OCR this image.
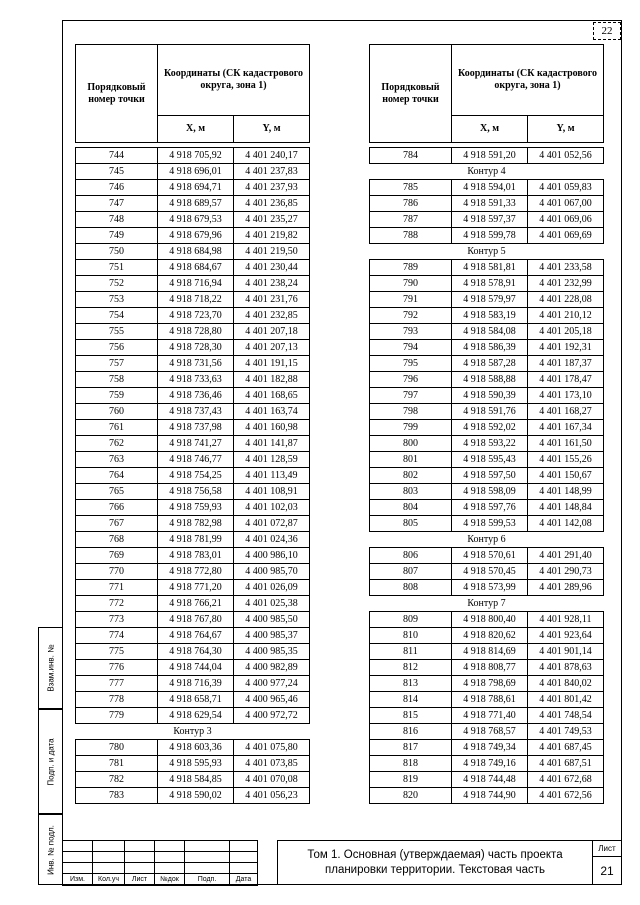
22
Порядковый номер точки	Координаты (СК кадастрового округа, зона 1)	
	X, м	Y, м

744	4 918 705,92	4 401 240,17
745	4 918 696,01	4 401 237,83
746	4 918 694,71	4 401 237,93
747	4 918 689,57	4 401 236,85
748	4 918 679,53	4 401 235,27
749	4 918 679,96	4 401 219,82
750	4 918 684,98	4 401 219,50
751	4 918 684,67	4 401 230,44
752	4 918 716,94	4 401 238,24
753	4 918 718,22	4 401 231,76
754	4 918 723,70	4 401 232,85
755	4 918 728,80	4 401 207,18
756	4 918 728,30	4 401 207,13
757	4 918 731,56	4 401 191,15
758	4 918 733,63	4 401 182,88
759	4 918 736,46	4 401 168,65
760	4 918 737,43	4 401 163,74
761	4 918 737,98	4 401 160,98
762	4 918 741,27	4 401 141,87
763	4 918 746,77	4 401 128,59
764	4 918 754,25	4 401 113,49
765	4 918 756,58	4 401 108,91
766	4 918 759,93	4 401 102,03
767	4 918 782,98	4 401 072,87
768	4 918 781,99	4 401 024,36
769	4 918 783,01	4 400 986,10
770	4 918 772,80	4 400 985,70
771	4 918 771,20	4 401 026,09
772	4 918 766,21	4 401 025,38
773	4 918 767,80	4 400 985,50
774	4 918 764,67	4 400 985,37
775	4 918 764,30	4 400 985,35
776	4 918 744,04	4 400 982,89
777	4 918 716,39	4 400 977,24
778	4 918 658,71	4 400 965,46
779	4 918 629,54	4 400 972,72
Контур 3		
780	4 918 603,36	4 401 075,80
781	4 918 595,93	4 401 073,85
782	4 918 584,85	4 401 070,08
783	4 918 590,02	4 401 056,23
Порядковый номер точки	Координаты (СК кадастрового округа, зона 1)	
	X, м	Y, м

784	4 918 591,20	4 401 052,56
Контур 4		
785	4 918 594,01	4 401 059,83
786	4 918 591,33	4 401 067,00
787	4 918 597,37	4 401 069,06
788	4 918 599,78	4 401 069,69
Контур 5		
789	4 918 581,81	4 401 233,58
790	4 918 578,91	4 401 232,99
791	4 918 579,97	4 401 228,08
792	4 918 583,19	4 401 210,12
793	4 918 584,08	4 401 205,18
794	4 918 586,39	4 401 192,31
795	4 918 587,28	4 401 187,37
796	4 918 588,88	4 401 178,47
797	4 918 590,39	4 401 173,10
798	4 918 591,76	4 401 168,27
799	4 918 592,02	4 401 167,34
800	4 918 593,22	4 401 161,50
801	4 918 595,43	4 401 155,26
802	4 918 597,50	4 401 150,67
803	4 918 598,09	4 401 148,99
804	4 918 597,76	4 401 148,84
805	4 918 599,53	4 401 142,08
Контур 6		
806	4 918 570,61	4 401 291,40
807	4 918 570,45	4 401 290,73
808	4 918 573,99	4 401 289,96
Контур 7		
809	4 918 800,40	4 401 928,11
810	4 918 820,62	4 401 923,64
811	4 918 814,69	4 401 901,14
812	4 918 808,77	4 401 878,63
813	4 918 798,69	4 401 840,02
814	4 918 788,61	4 401 801,42
815	4 918 771,40	4 401 748,54
816	4 918 768,57	4 401 749,53
817	4 918 749,34	4 401 687,45
818	4 918 749,16	4 401 687,51
819	4 918 744,48	4 401 672,68
820	4 918 744,90	4 401 672,56
Взам.инв. №
Подп. и дата
Инв. № подл.

Изм.	Кол.уч	Лист	№док	Подп.	Дата
Том 1. Основная (утверждаемая) часть проекта
планировки территории. Текстовая часть
Лист
21
